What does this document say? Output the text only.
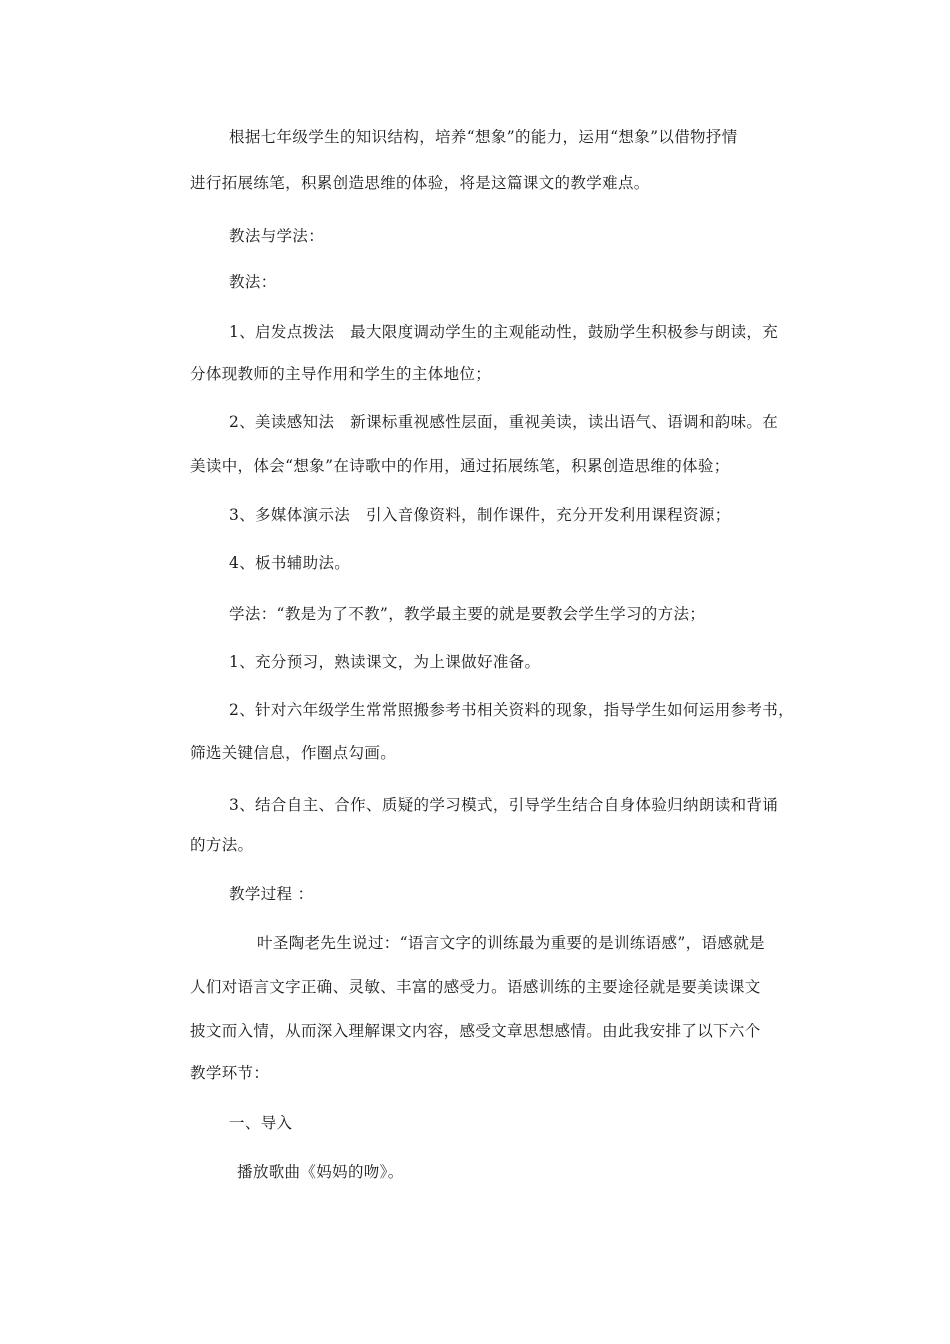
根据七年级学生的知识结构，培养“想象”的能力，运用“想象”以借物抒情
进行拓展练笔，积累创造思维的体验，将是这篇课文的教学难点。
教法与学法：
教法：
1、启发点拨法　最大限度调动学生的主观能动性，鼓励学生积极参与朗读，充
分体现教师的主导作用和学生的主体地位；
2、美读感知法　新课标重视感性层面，重视美读，读出语气、语调和韵味。在
美读中，体会“想象”在诗歌中的作用，通过拓展练笔，积累创造思维的体验；
3、多媒体演示法　引入音像资料，制作课件，充分开发利用课程资源；
4、板书辅助法。
学法：“教是为了不教”，教学最主要的就是要教会学生学习的方法；
1、充分预习，熟读课文，为上课做好准备。
2、针对六年级学生常常照搬参考书相关资料的现象，指导学生如何运用参考书，
筛选关键信息，作圈点勾画。
3、结合自主、合作、质疑的学习模式，引导学生结合自身体验归纳朗读和背诵
的方法。
教学过程 ：
叶圣陶老先生说过：“语言文字的训练最为重要的是训练语感”，语感就是
人们对语言文字正确、灵敏、丰富的感受力。语感训练的主要途径就是要美读课文
披文而入情，从而深入理解课文内容，感受文章思想感情。由此我安排了以下六个
教学环节：
一、导入
播放歌曲《妈妈的吻》。
